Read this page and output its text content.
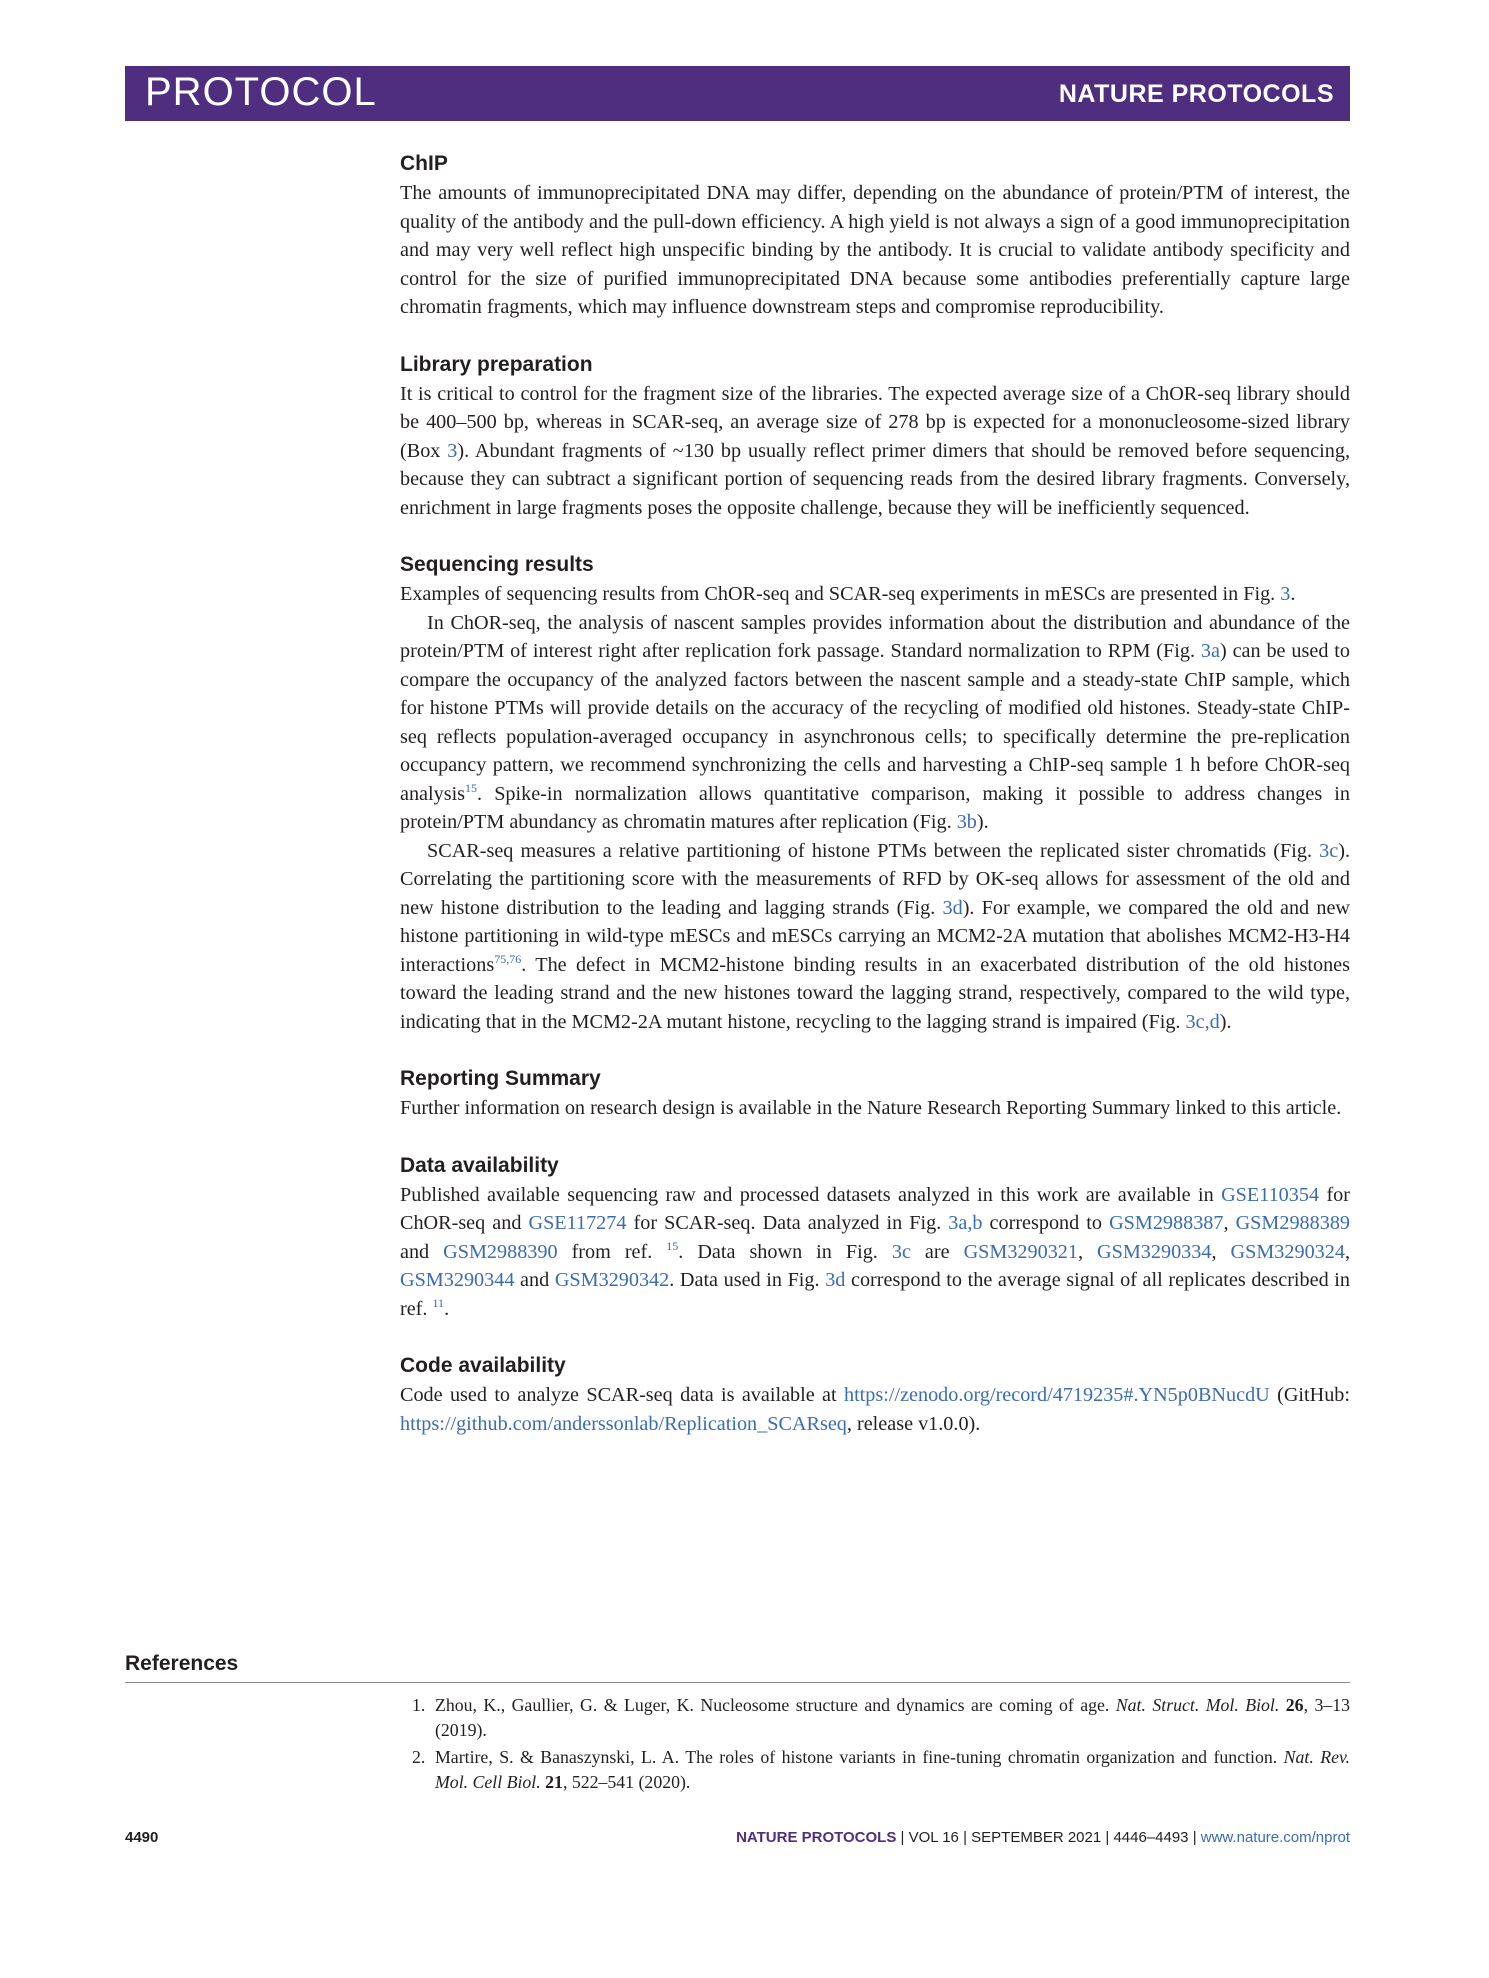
PROTOCOL	NATURE PROTOCOLS
ChIP

The amounts of immunoprecipitated DNA may differ, depending on the abundance of protein/PTM of interest, the quality of the antibody and the pull-down efficiency. A high yield is not always a sign of a good immunoprecipitation and may very well reflect high unspecific binding by the antibody. It is crucial to validate antibody specificity and control for the size of purified immunoprecipitated DNA because some antibodies preferentially capture large chromatin fragments, which may influence downstream steps and compromise reproducibility.

Library preparation

It is critical to control for the fragment size of the libraries. The expected average size of a ChOR-seq library should be 400–500 bp, whereas in SCAR-seq, an average size of 278 bp is expected for a mononucleosome-sized library (Box 3). Abundant fragments of ~130 bp usually reflect primer dimers that should be removed before sequencing, because they can subtract a significant portion of sequencing reads from the desired library fragments. Conversely, enrichment in large fragments poses the opposite challenge, because they will be inefficiently sequenced.

Sequencing results

Examples of sequencing results from ChOR-seq and SCAR-seq experiments in mESCs are presented in Fig. 3.

In ChOR-seq, the analysis of nascent samples provides information about the distribution and abundance of the protein/PTM of interest right after replication fork passage. Standard normalization to RPM (Fig. 3a) can be used to compare the occupancy of the analyzed factors between the nascent sample and a steady-state ChIP sample, which for histone PTMs will provide details on the accuracy of the recycling of modified old histones. Steady-state ChIP-seq reflects population-averaged occupancy in asynchronous cells; to specifically determine the pre-replication occupancy pattern, we recommend synchronizing the cells and harvesting a ChIP-seq sample 1 h before ChOR-seq analysis$^{15}$. Spike-in normalization allows quantitative comparison, making it possible to address changes in protein/PTM abundancy as chromatin matures after replication (Fig. 3b).

SCAR-seq measures a relative partitioning of histone PTMs between the replicated sister chromatids (Fig. 3c). Correlating the partitioning score with the measurements of RFD by OK-seq allows for assessment of the old and new histone distribution to the leading and lagging strands (Fig. 3d). For example, we compared the old and new histone partitioning in wild-type mESCs and mESCs carrying an MCM2-2A mutation that abolishes MCM2-H3-H4 interactions$^{75,76}$. The defect in MCM2-histone binding results in an exacerbated distribution of the old histones toward the leading strand and the new histones toward the lagging strand, respectively, compared to the wild type, indicating that in the MCM2-2A mutant histone, recycling to the lagging strand is impaired (Fig. 3c,d).

Reporting Summary

Further information on research design is available in the Nature Research Reporting Summary linked to this article.

Data availability

Published available sequencing raw and processed datasets analyzed in this work are available in GSE110354 for ChOR-seq and GSE117274 for SCAR-seq. Data analyzed in Fig. 3a,b correspond to GSM2988387, GSM2988389 and GSM2988390 from ref. $^{15}$. Data shown in Fig. 3c are GSM3290321, GSM3290334, GSM3290324, GSM3290344 and GSM3290342. Data used in Fig. 3d correspond to the average signal of all replicates described in ref. $^{11}$.

Code availability

Code used to analyze SCAR-seq data is available at https://zenodo.org/record/4719235#.YN5p0BNucdU (GitHub: https://github.com/anderssonlab/Replication_SCARseq, release v1.0.0).

References
1. Zhou, K., Gaullier, G. & Luger, K. Nucleosome structure and dynamics are coming of age. Nat. Struct. Mol. Biol. 26, 3–13 (2019).
2. Martire, S. & Banaszynski, L. A. The roles of histone variants in fine-tuning chromatin organization and function. Nat. Rev. Mol. Cell Biol. 21, 522–541 (2020).
4490	NATURE PROTOCOLS | VOL 16 | SEPTEMBER 2021 | 4446–4493 | www.nature.com/nprot
